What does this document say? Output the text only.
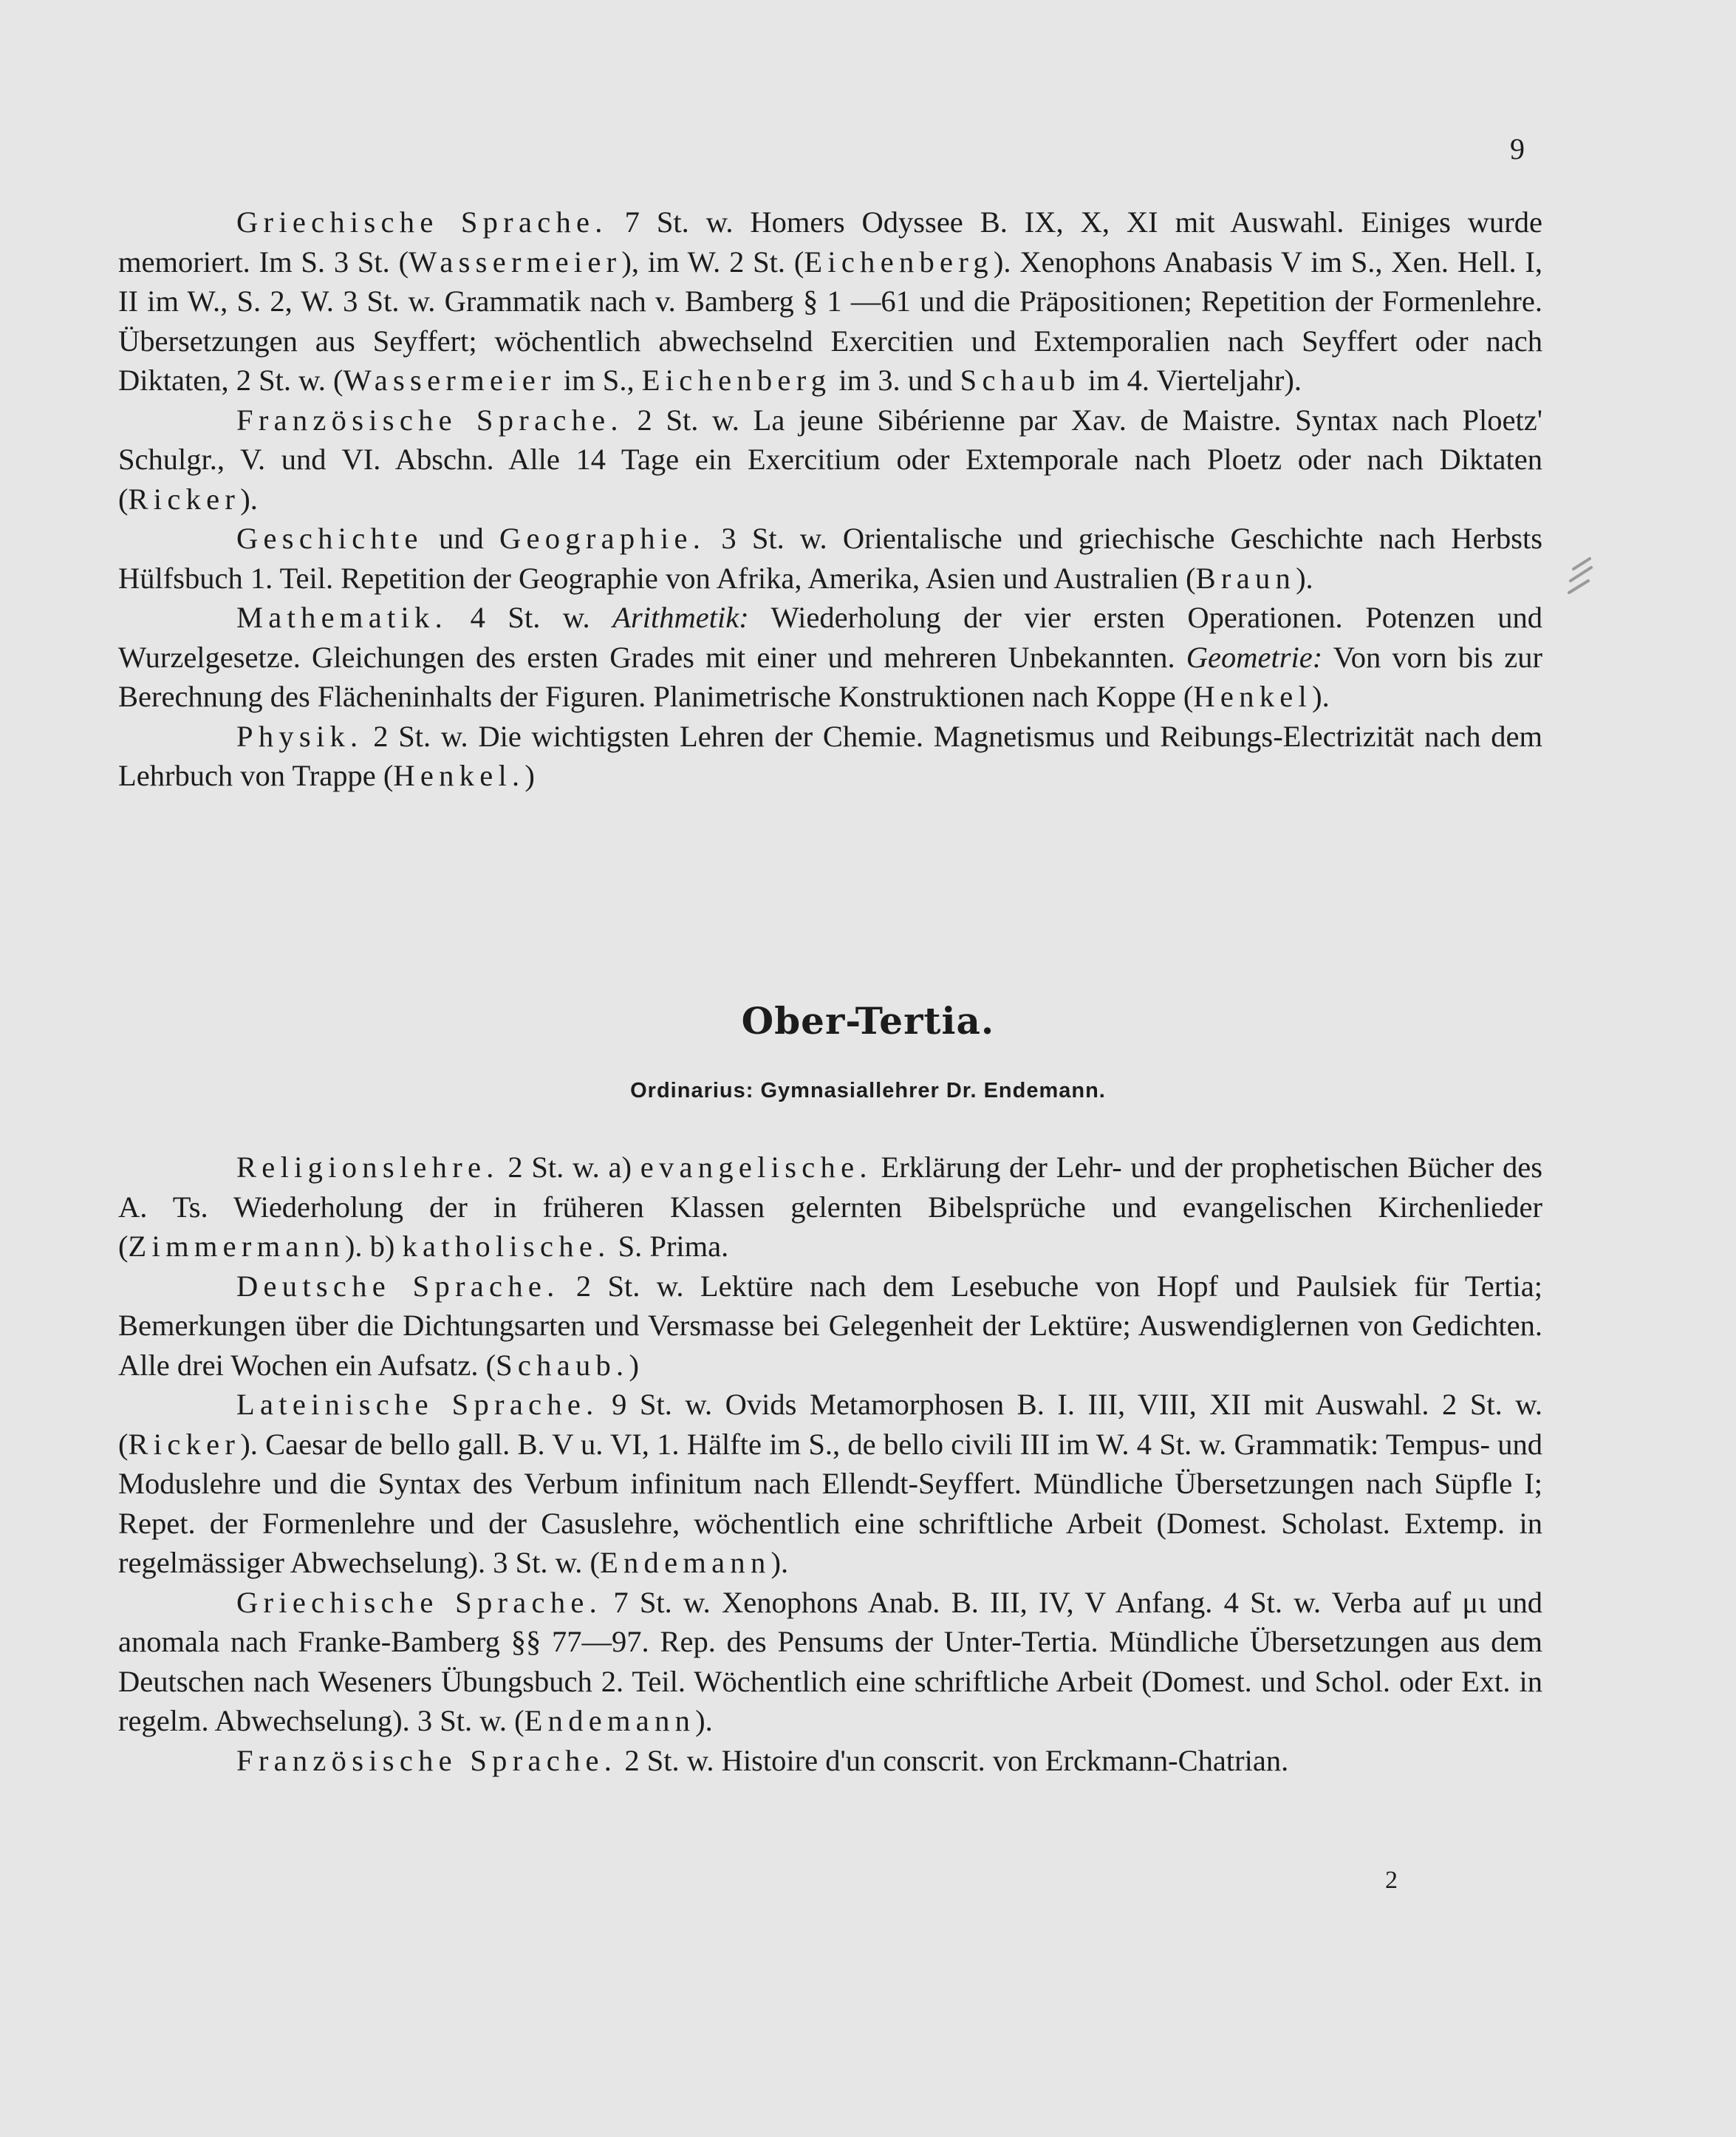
9

Griechische Sprache. 7 St. w. Homers Odyssee B. IX, X, XI mit Auswahl. Einiges wurde memoriert. Im S. 3 St. (Wassermeier), im W. 2 St. (Eichenberg). Xenophons Anabasis V im S., Xen. Hell. I, II im W., S. 2, W. 3 St. w. Grammatik nach v. Bamberg § 1 —61 und die Präpositionen; Repetition der Formenlehre. Übersetzungen aus Seyffert; wöchentlich abwechselnd Exercitien und Extemporalien nach Seyffert oder nach Diktaten, 2 St. w. (Wassermeier im S., Eichenberg im 3. und Schaub im 4. Vierteljahr).

Französische Sprache. 2 St. w. La jeune Sibérienne par Xav. de Maistre. Syntax nach Ploetz' Schulgr., V. und VI. Abschn. Alle 14 Tage ein Exercitium oder Extemporale nach Ploetz oder nach Diktaten (Ricker).

Geschichte und Geographie. 3 St. w. Orientalische und griechische Geschichte nach Herbsts Hülfsbuch 1. Teil. Repetition der Geographie von Afrika, Amerika, Asien und Australien (Braun).

Mathematik. 4 St. w. Arithmetik: Wiederholung der vier ersten Operationen. Potenzen und Wurzelgesetze. Gleichungen des ersten Grades mit einer und mehreren Unbekannten. Geometrie: Von vorn bis zur Berechnung des Flächeninhalts der Figuren. Planimetrische Konstruktionen nach Koppe (Henkel).

Physik. 2 St. w. Die wichtigsten Lehren der Chemie. Magnetismus und Reibungs-Electrizität nach dem Lehrbuch von Trappe (Henkel.)

Ober-Tertia.

Ordinarius: Gymnasiallehrer Dr. Endemann.

Religionslehre. 2 St. w. a) evangelische. Erklärung der Lehr- und der prophetischen Bücher des A. Ts. Wiederholung der in früheren Klassen gelernten Bibelsprüche und evangelischen Kirchenlieder (Zimmermann). b) katholische. S. Prima.

Deutsche Sprache. 2 St. w. Lektüre nach dem Lesebuche von Hopf und Paulsiek für Tertia; Bemerkungen über die Dichtungsarten und Versmasse bei Gelegenheit der Lektüre; Auswendiglernen von Gedichten. Alle drei Wochen ein Aufsatz. (Schaub.)

Lateinische Sprache. 9 St. w. Ovids Metamorphosen B. I. III, VIII, XII mit Auswahl. 2 St. w. (Ricker). Caesar de bello gall. B. V u. VI, 1. Hälfte im S., de bello civili III im W. 4 St. w. Grammatik: Tempus- und Moduslehre und die Syntax des Verbum infinitum nach Ellendt-Seyffert. Mündliche Übersetzungen nach Süpfle I; Repet. der Formenlehre und der Casuslehre, wöchentlich eine schriftliche Arbeit (Domest. Scholast. Extemp. in regelmässiger Abwechselung). 3 St. w. (Endemann).

Griechische Sprache. 7 St. w. Xenophons Anab. B. III, IV, V Anfang. 4 St. w. Verba auf μι und anomala nach Franke-Bamberg §§ 77—97. Rep. des Pensums der Unter-Tertia. Mündliche Übersetzungen aus dem Deutschen nach Weseners Übungsbuch 2. Teil. Wöchentlich eine schriftliche Arbeit (Domest. und Schol. oder Ext. in regelm. Abwechselung). 3 St. w. (Endemann).

Französische Sprache. 2 St. w. Histoire d'un conscrit. von Erckmann-Chatrian.

2
